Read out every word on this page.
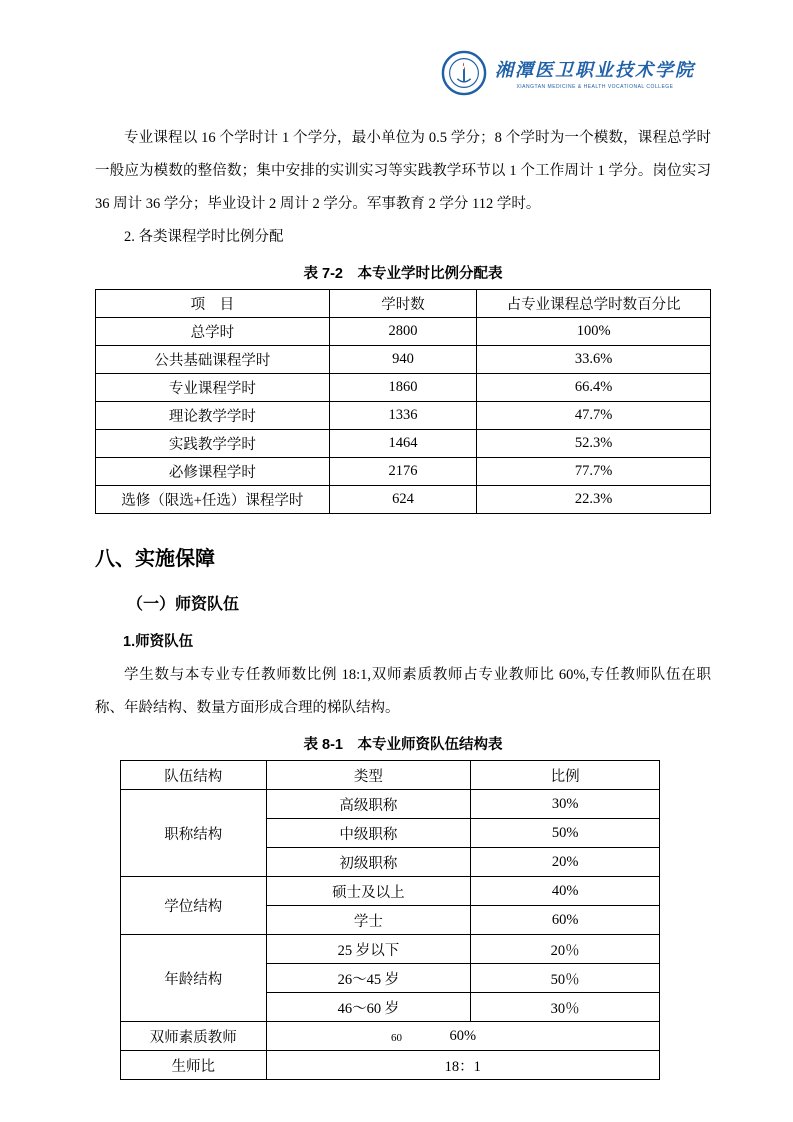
湘潭医卫职业技术学院
XIANGTAN MEDICINE & HEALTH VOCATIONAL COLLEGE

专业课程以 16 个学时计 1 个学分，最小单位为 0.5 学分；8 个学时为一个模数，课程总学时一般应为模数的整倍数；集中安排的实训实习等实践教学环节以 1 个工作周计 1 学分。岗位实习 36 周计 36 学分；毕业设计 2 周计 2 学分。军事教育 2 学分 112 学时。

2. 各类课程学时比例分配

表 7-2　本专业学时比例分配表

项　目	学时数	占专业课程总学时数百分比
总学时	2800	100%
公共基础课程学时	940	33.6%
专业课程学时	1860	66.4%
理论教学学时	1336	47.7%
实践教学学时	1464	52.3%
必修课程学时	2176	77.7%
选修（限选+任选）课程学时	624	22.3%
八、实施保障
（一）师资队伍
1.师资队伍

学生数与本专业专任教师数比例 18:1,双师素质教师占专业教师比 60%,专任教师队伍在职称、年龄结构、数量方面形成合理的梯队结构。

表 8-1　本专业师资队伍结构表

队伍结构	类型	比例
职称结构	高级职称	30%
	中级职称	50%
	初级职称	20%
学位结构	硕士及以上	40%
	学士	60%
年龄结构	25 岁以下	20％
	26～45 岁	50％
	46～60 岁	30％
双师素质教师	60%	
生师比	18：1	
60
